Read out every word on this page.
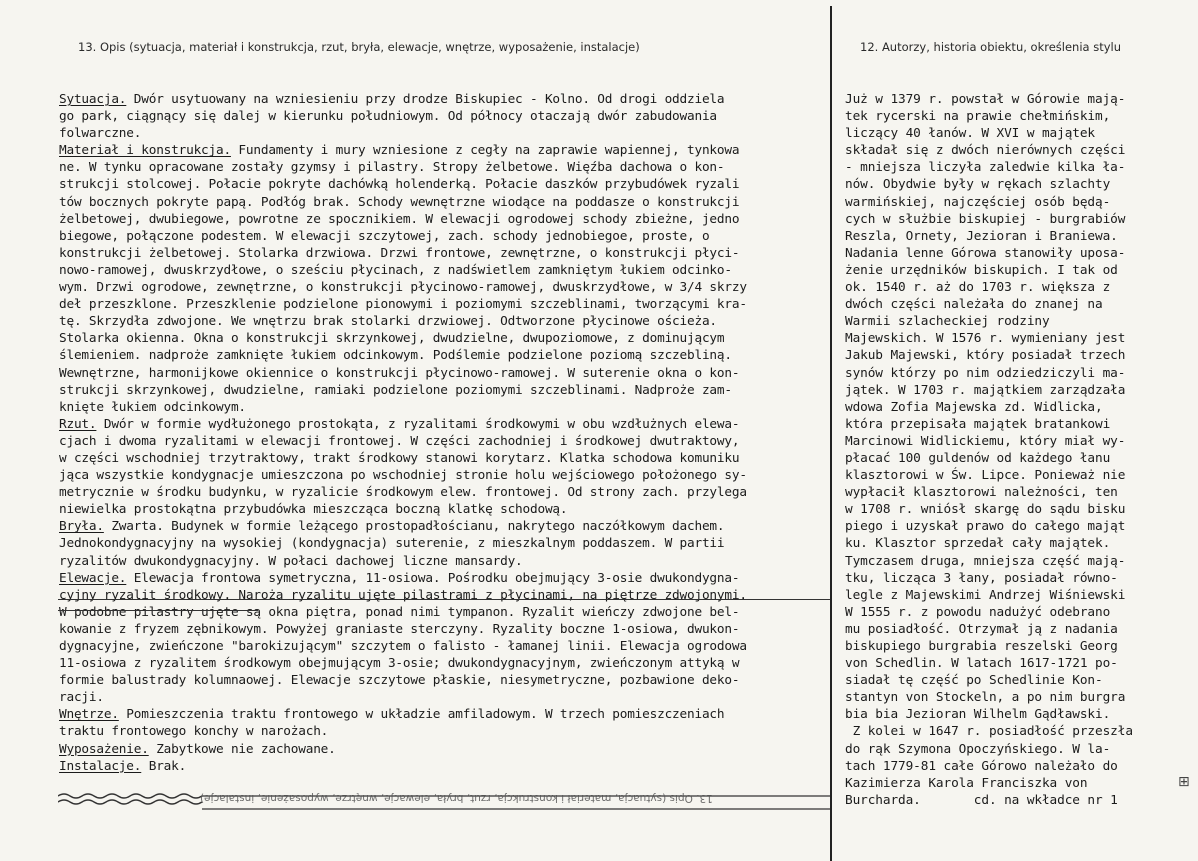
13. Opis (sytuacja, materiał i konstrukcja, rzut, bryła, elewacje, wnętrze, wyposażenie, instalacje)	12. Autorzy, historia obiektu, określenia stylu
Sytuacja. Dwór usytuowany na wzniesieniu przy drodze Biskupiec - Kolno. Od drogi oddziela
go park, ciągnący się dalej w kierunku południowym. Od północy otaczają dwór zabudowania
folwarczne.
Materiał i konstrukcja. Fundamenty i mury wzniesione z cegły na zaprawie wapiennej, tynkowa
ne. W tynku opracowane zostały gzymsy i pilastry. Stropy żelbetowe. Więźba dachowa o kon-
strukcji stolcowej. Połacie pokryte dachówką holenderką. Połacie daszków przybudówek ryzali
tów bocznych pokryte papą. Podłóg brak. Schody wewnętrzne wiodące na poddasze o konstrukcji
żelbetowej, dwubiegowe, powrotne ze spocznikiem. W elewacji ogrodowej schody zbieżne, jedno
biegowe, połączone podestem. W elewacji szczytowej, zach. schody jednobiegoe, proste, o
konstrukcji żelbetowej. Stolarka drzwiowa. Drzwi frontowe, zewnętrzne, o konstrukcji płyci-
nowo-ramowej, dwuskrzydłowe, o sześciu płycinach, z nadświetlem zamkniętym łukiem odcinko-
wym. Drzwi ogrodowe, zewnętrzne, o konstrukcji płycinowo-ramowej, dwuskrzydłowe, w 3/4 skrzy
deł przeszklone. Przeszklenie podzielone pionowymi i poziomymi szczeblinami, tworzącymi kra-
tę. Skrzydła zdwojone. We wnętrzu brak stolarki drzwiowej. Odtworzone płycinowe ościeża.
Stolarka okienna. Okna o konstrukcji skrzynkowej, dwudzielne, dwupoziomowe, z dominującym
ślemieniem. nadproże zamknięte łukiem odcinkowym. Podślemie podzielone poziomą szczebliną.
Wewnętrzne, harmonijkowe okiennice o konstrukcji płycinowo-ramowej. W suterenie okna o kon-
strukcji skrzynkowej, dwudzielne, ramiaki podzielone poziomymi szczeblinami. Nadproże zam-
knięte łukiem odcinkowym.
Rzut. Dwór w formie wydłużonego prostokąta, z ryzalitami środkowymi w obu wzdłużnych elewa-
cjach i dwoma ryzalitami w elewacji frontowej. W części zachodniej i środkowej dwutraktowy,
w części wschodniej trzytraktowy, trakt środkowy stanowi korytarz. Klatka schodowa komuniku
jąca wszystkie kondygnacje umieszczona po wschodniej stronie holu wejściowego położonego sy-
metrycznie w środku budynku, w ryzalicie środkowym elew. frontowej. Od strony zach. przylega
niewielka prostokątna przybudówka mieszcząca boczną klatkę schodową.
Bryła. Zwarta. Budynek w formie leżącego prostopadłościanu, nakrytego naczółkowym dachem.
Jednokondygnacyjny na wysokiej (kondygnacja) suterenie, z mieszkalnym poddaszem. W partii
ryzalitów dwukondygnacyjny. W połaci dachowej liczne mansardy.
Elewacje. Elewacja frontowa symetryczna, 11-osiowa. Pośrodku obejmujący 3-osie dwukondygna-
cyjny ryzalit środkowy. Naroża ryzalitu ujęte pilastrami z płycinami, na piętrze zdwojonymi.
W podobne pilastry ujęte są okna piętra, ponad nimi tympanon. Ryzalit wieńczy zdwojone bel-
kowanie z fryzem zębnikowym. Powyżej graniaste sterczyny. Ryzality boczne 1-osiowa, dwukon-
dygnacyjne, zwieńczone "barokizującym" szczytem o falisto - łamanej linii. Elewacja ogrodowa
11-osiowa z ryzalitem środkowym obejmującym 3-osie; dwukondygnacyjnym, zwieńczonym attyką w
formie balustrady kolumnaowej. Elewacje szczytowe płaskie, niesymetryczne, pozbawione deko-
racji.
Wnętrze. Pomieszczenia traktu frontowego w układzie amfiladowym. W trzech pomieszczeniach
traktu frontowego konchy w narożach.
Wyposażenie. Zabytkowe nie zachowane.
Instalacje. Brak.
Już w 1379 r. powstał w Górowie mają-
tek rycerski na prawie chełmińskim,
liczący 40 łanów. W XVI w majątek
składał się z dwóch nierównych części
- mniejsza liczyła zaledwie kilka ła-
nów. Obydwie były w rękach szlachty
warmińskiej, najczęściej osób będą-
cych w służbie biskupiej - burgrabiów
Reszla, Ornety, Jezioran i Braniewa.
Nadania lenne Górowa stanowiły uposa-
żenie urzędników biskupich. I tak od
ok. 1540 r. aż do 1703 r. większa z
dwóch części należała do znanej na
Warmii szlacheckiej rodziny
Majewskich. W 1576 r. wymieniany jest
Jakub Majewski, który posiadał trzech
synów którzy po nim odziedziczyli ma-
jątek. W 1703 r. majątkiem zarządzała
wdowa Zofia Majewska zd. Widlicka,
która przepisała majątek bratankowi
Marcinowi Widlickiemu, który miał wy-
płacać 100 guldenów od każdego łanu
klasztorowi w Św. Lipce. Ponieważ nie
wypłacił klasztorowi należności, ten
w 1708 r. wniósł skargę do sądu bisku
piego i uzyskał prawo do całego mająt
ku. Klasztor sprzedał cały majątek.
Tymczasem druga, mniejsza część mają-
tku, licząca 3 łany, posiadał równo-
legle z Majewskimi Andrzej Wiśniewski
W 1555 r. z powodu nadużyć odebrano
mu posiadłość. Otrzymał ją z nadania
biskupiego burgrabia reszelski Georg
von Schedlin. W latach 1617-1721 po-
siadał tę część po Schedlinie Kon-
stantyn von Stockeln, a po nim burgra
bia bia Jezioran Wilhelm Gądławski.
Z kolei w 1647 r. posiadłość przeszła
do rąk Szymona Opoczyńskiego. W la-
tach 1779-81 całe Górowo należało do
Kazimierza Karola Franciszka von
Burcharda.       cd. na wkładce nr 1
13. Opis (sytuacja, materiał i konstrukcja, rzut, bryła, elewacje, wnętrze, wyposażenie, instalacje)
⊞
